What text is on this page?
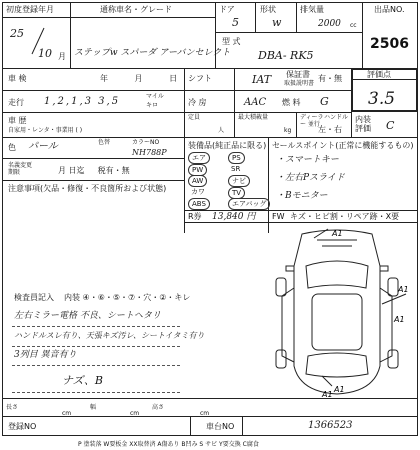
初度登録年月
25
10 月
通称車名・グレード
ステップw スパーダ アーバンセレクト
ドア
5
形状
w
排気量
2000 cc
型 式
DBA- RK5
出品NO.
2506
車 検	年 月 日
シフト	IAT 保証書
取扱説明書
有・無	評価点
3.5
走行 1,2,1,3 3,5	マイル
キロ	冷 房	AAC 燃 料 G
車 歴
自家用・レンタ・事業用 ( )
定員
人
最大積載量
kg
ディーラー 並行
ハンドル
左・右
内装 評価	C
色 パール	色替	カラーNO
NH788P
名義変更 期限	月 日迄 　 税有・無
注意事項(欠品・修復・不良箇所および状態)
装備品(純正品に限る)
エア	PS
PW	SR
AW	ナビ
カワ	TV
ABS	エアバッグ
R券 13,840 円 FW キズ・ヒビ割・リペア跡・X要
セールスポイント(正常に機能するもの)
・スマートキー
・左右Pスライド
・Bモニター
検査員記入 内装 ④・⑥・⑤・⑦・穴・②・キレ
左右ミラー電格 不良、シートヘタリ
ハンドルスレ有り、天張キズ汚レ、シートイタミ有り
3列目 異音有り
ナズ、B
A1
A1
A1
A1
A1
長さ
cm
幅
cm
高さ
cm
登録NO	車台NO	1366523
P 塗装落 W要板金 XX取替済 A傷あり B凹み S サビ Y要交換 C腐食
